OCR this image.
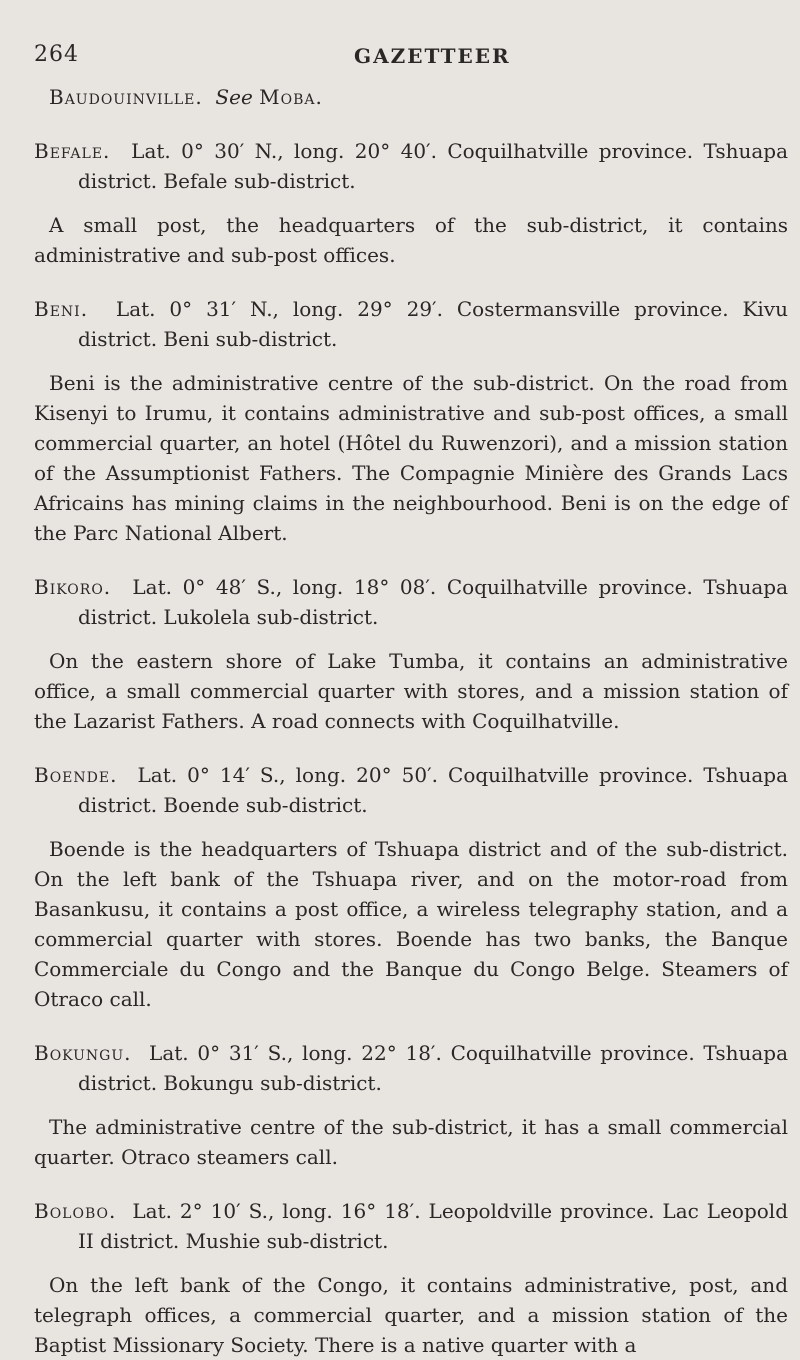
264	GAZETTEER

Baudouinville. See Moba.

Befale. Lat. 0° 30′ N., long. 20° 40′. Coquilhatville province. Tshuapa district. Befale sub-district.

A small post, the headquarters of the sub-district, it contains administrative and sub-post offices.

Beni. Lat. 0° 31′ N., long. 29° 29′. Costermansville province. Kivu district. Beni sub-district.

Beni is the administrative centre of the sub-district. On the road from Kisenyi to Irumu, it contains administrative and sub-post offices, a small commercial quarter, an hotel (Hôtel du Ruwenzori), and a mission station of the Assumptionist Fathers. The Compagnie Minière des Grands Lacs Africains has mining claims in the neighbourhood. Beni is on the edge of the Parc National Albert.

Bikoro. Lat. 0° 48′ S., long. 18° 08′. Coquilhatville province. Tshuapa district. Lukolela sub-district.

On the eastern shore of Lake Tumba, it contains an administrative office, a small commercial quarter with stores, and a mission station of the Lazarist Fathers. A road connects with Coquilhatville.

Boende. Lat. 0° 14′ S., long. 20° 50′. Coquilhatville province. Tshuapa district. Boende sub-district.

Boende is the headquarters of Tshuapa district and of the sub-district. On the left bank of the Tshuapa river, and on the motor-road from Basankusu, it contains a post office, a wireless telegraphy station, and a commercial quarter with stores. Boende has two banks, the Banque Commerciale du Congo and the Banque du Congo Belge. Steamers of Otraco call.

Bokungu. Lat. 0° 31′ S., long. 22° 18′. Coquilhatville province. Tshuapa district. Bokungu sub-district.

The administrative centre of the sub-district, it has a small commercial quarter. Otraco steamers call.

Bolobo. Lat. 2° 10′ S., long. 16° 18′. Leopoldville province. Lac Leopold II district. Mushie sub-district.

On the left bank of the Congo, it contains administrative, post, and telegraph offices, a commercial quarter, and a mission station of the Baptist Missionary Society. There is a native quarter with a
